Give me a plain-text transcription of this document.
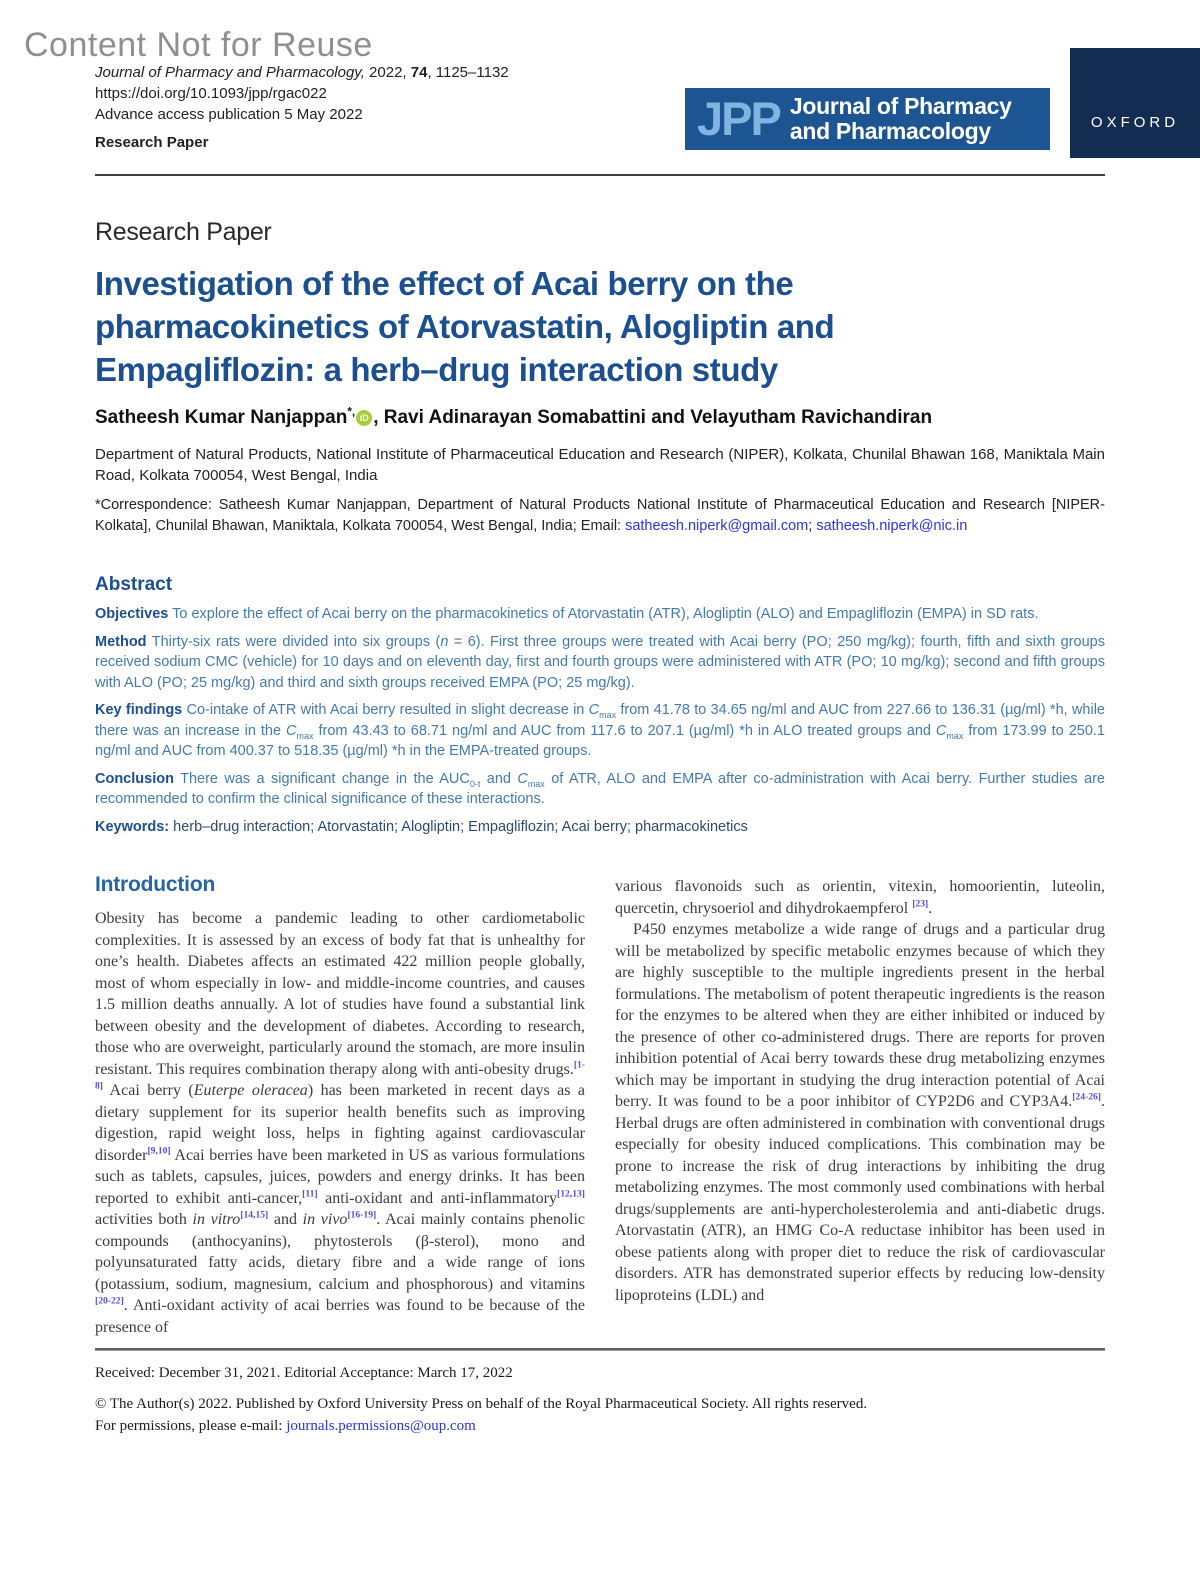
Content Not for Reuse
Journal of Pharmacy and Pharmacology, 2022, 74, 1125–1132
https://doi.org/10.1093/jpp/rgac022
Advance access publication 5 May 2022
Research Paper	JPP Journal of Pharmacy
and Pharmacology	OXFORD
Research Paper
Investigation of the effect of Acai berry on the pharmacokinetics of Atorvastatin, Alogliptin and Empagliflozin: a herb–drug interaction study
Satheesh Kumar Nanjappan*, iD , Ravi Adinarayan Somabattini and Velayutham Ravichandiran
Department of Natural Products, National Institute of Pharmaceutical Education and Research (NIPER), Kolkata, Chunilal Bhawan 168, Maniktala Main Road, Kolkata 700054, West Bengal, India
*Correspondence: Satheesh Kumar Nanjappan, Department of Natural Products National Institute of Pharmaceutical Education and Research [NIPER-Kolkata], Chunilal Bhawan, Maniktala, Kolkata 700054, West Bengal, India; Email: satheesh.niperk@gmail.com; satheesh.niperk@nic.in
Abstract

Objectives To explore the effect of Acai berry on the pharmacokinetics of Atorvastatin (ATR), Alogliptin (ALO) and Empagliflozin (EMPA) in SD rats.

Method Thirty-six rats were divided into six groups (n = 6). First three groups were treated with Acai berry (PO; 250 mg/kg); fourth, fifth and sixth groups received sodium CMC (vehicle) for 10 days and on eleventh day, first and fourth groups were administered with ATR (PO; 10 mg/kg); second and fifth groups with ALO (PO; 25 mg/kg) and third and sixth groups received EMPA (PO; 25 mg/kg).

Key findings Co-intake of ATR with Acai berry resulted in slight decrease in $C_{max}$ from 41.78 to 34.65 ng/ml and AUC from 227.66 to 136.31 (µg/ml) *h, while there was an increase in the $C_{max}$ from 43.43 to 68.71 ng/ml and AUC from 117.6 to 207.1 (µg/ml) *h in ALO treated groups and $C_{max}$ from 173.99 to 250.1 ng/ml and AUC from 400.37 to 518.35 (µg/ml) *h in the EMPA-treated groups.

Conclusion There was a significant change in the $AUC_{0-t}$ and $C_{max}$ of ATR, ALO and EMPA after co-administration with Acai berry. Further studies are recommended to confirm the clinical significance of these interactions.

Keywords: herb–drug interaction; Atorvastatin; Alogliptin; Empagliflozin; Acai berry; pharmacokinetics

Introduction

Obesity has become a pandemic leading to other cardiometabolic complexities. It is assessed by an excess of body fat that is unhealthy for one’s health. Diabetes affects an estimated 422 million people globally, most of whom especially in low- and middle-income countries, and causes 1.5 million deaths annually. A lot of studies have found a substantial link between obesity and the development of diabetes. According to research, those who are overweight, particularly around the stomach, are more insulin resistant. This requires combination therapy along with anti-obesity drugs.[1-8] Acai berry (Euterpe oleracea) has been marketed in recent days as a dietary supplement for its superior health benefits such as improving digestion, rapid weight loss, helps in fighting against cardiovascular disorder[9,10] Acai berries have been marketed in US as various formulations such as tablets, capsules, juices, powders and energy drinks. It has been reported to exhibit anti-cancer,[11] anti-oxidant and anti-inflammatory[12,13] activities both in vitro[14,15] and in vivo[16-19]. Acai mainly contains phenolic compounds (anthocyanins), phytosterols (β-sterol), mono and polyunsaturated fatty acids, dietary fibre and a wide range of ions (potassium, sodium, magnesium, calcium and phosphorous) and vitamins [20-22]. Anti-oxidant activity of acai berries was found to be because of the presence of

various flavonoids such as orientin, vitexin, homoorientin, luteolin, quercetin, chrysoeriol and dihydrokaempferol [23].

P450 enzymes metabolize a wide range of drugs and a particular drug will be metabolized by specific metabolic enzymes because of which they are highly susceptible to the multiple ingredients present in the herbal formulations. The metabolism of potent therapeutic ingredients is the reason for the enzymes to be altered when they are either inhibited or induced by the presence of other co-administered drugs. There are reports for proven inhibition potential of Acai berry towards these drug metabolizing enzymes which may be important in studying the drug interaction potential of Acai berry. It was found to be a poor inhibitor of CYP2D6 and CYP3A4.[24-26]. Herbal drugs are often administered in combination with conventional drugs especially for obesity induced complications. This combination may be prone to increase the risk of drug interactions by inhibiting the drug metabolizing enzymes. The most commonly used combinations with herbal drugs/supplements are anti-hypercholesterolemia and anti-diabetic drugs. Atorvastatin (ATR), an HMG Co-A reductase inhibitor has been used in obese patients along with proper diet to reduce the risk of cardiovascular disorders. ATR has demonstrated superior effects by reducing low-density lipoproteins (LDL) and

Received: December 31, 2021. Editorial Acceptance: March 17, 2022
© The Author(s) 2022. Published by Oxford University Press on behalf of the Royal Pharmaceutical Society. All rights reserved.
For permissions, please e-mail: journals.permissions@oup.com
